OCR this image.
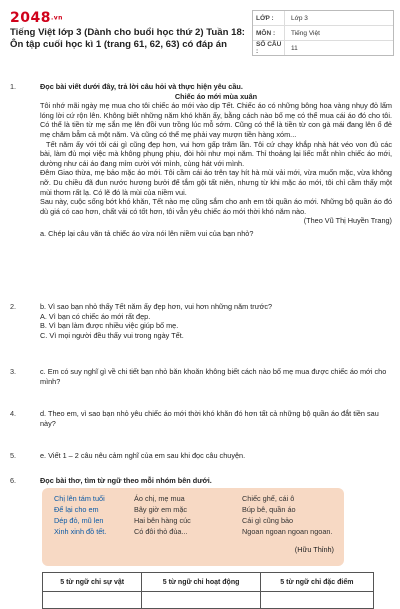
2048.vn
Tiếng Việt lớp 3 (Dành cho buổi học thứ 2) Tuần 18: Ôn tập cuối học kì 1 (trang 61, 62, 63) có đáp án
LỚP :	Lớp 3
MÔN :	Tiếng Việt
SỐ CÂU :	11
1.	Đọc bài viết dưới đây, trả lời câu hỏi và thực hiện yêu cầu.
Chiếc áo mới mùa xuân
Tôi nhớ mãi ngày mẹ mua cho tôi chiếc áo mới vào dịp Tết. Chiếc áo có những bông hoa vàng nhụy đỏ lấm lóng lời cứ rộn lên. Không biết những năm khó khăn ấy, bằng cách nào bố mẹ có thể mua cái áo đó cho tôi. Có thể là tiền từ mẹ sắn mẹ lên đồi vun trồng lúc mỗ sớm. Cũng có thể là tiền từ con gà mái đang lên ổ đẻ mẹ chăm bẵm cả một năm. Và cũng có thể mẹ phải vay mượn tiền hàng xóm...
Tết năm ấy với tôi cái gì cũng đẹp hơn, vui hơn gấp trăm lần. Tôi cứ chạy khắp nhà hát véo von đủ các bài, làm đủ mọi việc mà không phụng phịu, đòi hỏi như mọi năm. Thỉ thoảng lại liếc mắt nhìn chiếc áo mới, dường như cái áo đang mỉm cười với mình, cùng hát với mình.
Đêm Giao thừa, mẹ bảo mặc áo mới. Tôi cầm cái áo trên tay hít hà mùi vải mới, vừa muốn mặc, vừa không nỡ. Du chiều đã đun nước hương bưởi để tắm gội tất niên, nhưng từ khi mặc áo mới, tôi chỉ cầm thấy một mùi thơm rất lạ. Có lẽ đó là mùi của niềm vui.
Sau này, cuộc sống bớt khó khăn, Tết nào mẹ cũng sắm cho anh em tôi quần áo mới. Những bộ quần áo đó dù giá có cao hơn, chất vải có tốt hơn, tôi vẫn yêu chiếc áo mới thời khó năm nào.
(Theo Vũ Thị Huyền Trang)
a. Chép lại câu văn tả chiếc áo vừa nói lên niềm vui của bạn nhỏ?
2.	b. Vì sao bạn nhỏ thấy Tết năm ấy đẹp hơn, vui hơn những năm trước?
A. Vì bạn có chiếc áo mới rất đẹp.
B. Vì bạn làm được nhiều việc giúp bố mẹ.
C. Vì mọi người đều thấy vui trong ngày Tết.
3.	c. Em có suy nghĩ gì về chi tiết bạn nhỏ băn khoăn không biết cách nào bố mẹ mua được chiếc áo mới cho mình?
4.	d. Theo em, vì sao bạn nhỏ yêu chiếc áo mới thời khó khăn đó hơn tất cả những bộ quần áo đắt tiền sau này?
5.	e. Viết 1 – 2 câu nêu cảm nghĩ của em sau khi đọc câu chuyện.
6.	Đọc bài thơ, tìm từ ngữ theo mỗi nhóm bên dưới.
Chị lên tám tuổi
Để lại cho em
Dép đỏ, mũ len
Xinh xinh đồ tết.
Áo chị, mẹ mua
Bây giờ em mặc
Hai bên hàng cúc
Có đôi thỏ đùa...
Chiếc ghế, cái ô
Búp bê, quần áo
Cái gì cũng bảo
Ngoan ngoan ngoan ngoan.
(Hữu Thỉnh)
5 từ ngữ chỉ sự vật	5 từ ngữ chỉ hoạt động	5 từ ngữ chỉ đặc điểm
